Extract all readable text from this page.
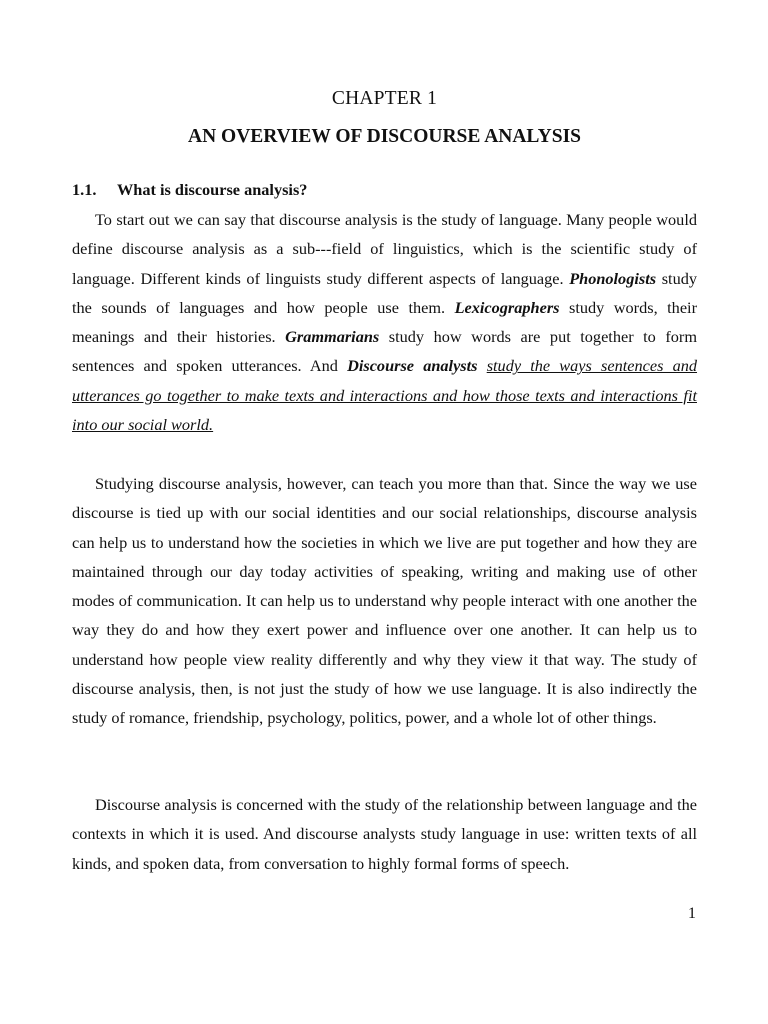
CHAPTER 1
AN OVERVIEW OF DISCOURSE ANALYSIS
1.1. What is discourse analysis?
To start out we can say that discourse analysis is the study of language. Many people would define discourse analysis as a sub---field of linguistics, which is the scientific study of language. Different kinds of linguists study different aspects of language. Phonologists study the sounds of languages and how people use them. Lexicographers study words, their meanings and their histories. Grammarians study how words are put together to form sentences and spoken utterances. And Discourse analysts study the ways sentences and utterances go together to make texts and interactions and how those texts and interactions fit into our social world.
Studying discourse analysis, however, can teach you more than that. Since the way we use discourse is tied up with our social identities and our social relationships, discourse analysis can help us to understand how the societies in which we live are put together and how they are maintained through our day today activities of speaking, writing and making use of other modes of communication. It can help us to understand why people interact with one another the way they do and how they exert power and influence over one another. It can help us to understand how people view reality differently and why they view it that way. The study of discourse analysis, then, is not just the study of how we use language. It is also indirectly the study of romance, friendship, psychology, politics, power, and a whole lot of other things.
Discourse analysis is concerned with the study of the relationship between language and the contexts in which it is used. And discourse analysts study language in use: written texts of all kinds, and spoken data, from conversation to highly formal forms of speech.
1
